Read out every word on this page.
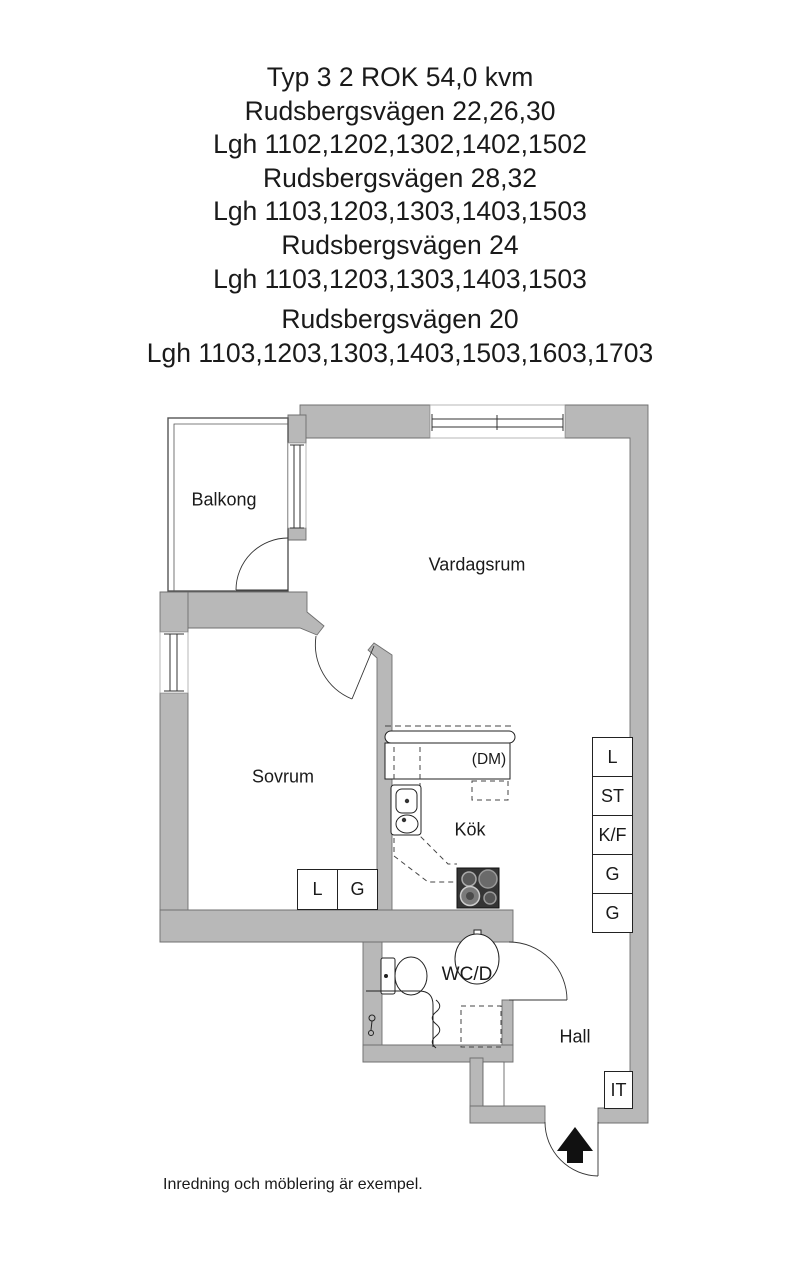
Typ 3 2 ROK 54,0 kvm
Rudsbergsvägen 22,26,30
Lgh 1102,1202,1302,1402,1502
Rudsbergsvägen 28,32
Lgh 1103,1203,1303,1403,1503
Rudsbergsvägen 24
Lgh 1103,1203,1303,1403,1503
Rudsbergsvägen 20
Lgh 1103,1203,1303,1403,1503,1603,1703
Balkong
Vardagsrum
Sovrum
Kök
(DM)
WC/D
Hall
L
ST
K/F
G
G
L	G
IT
Inredning och möblering är exempel.
